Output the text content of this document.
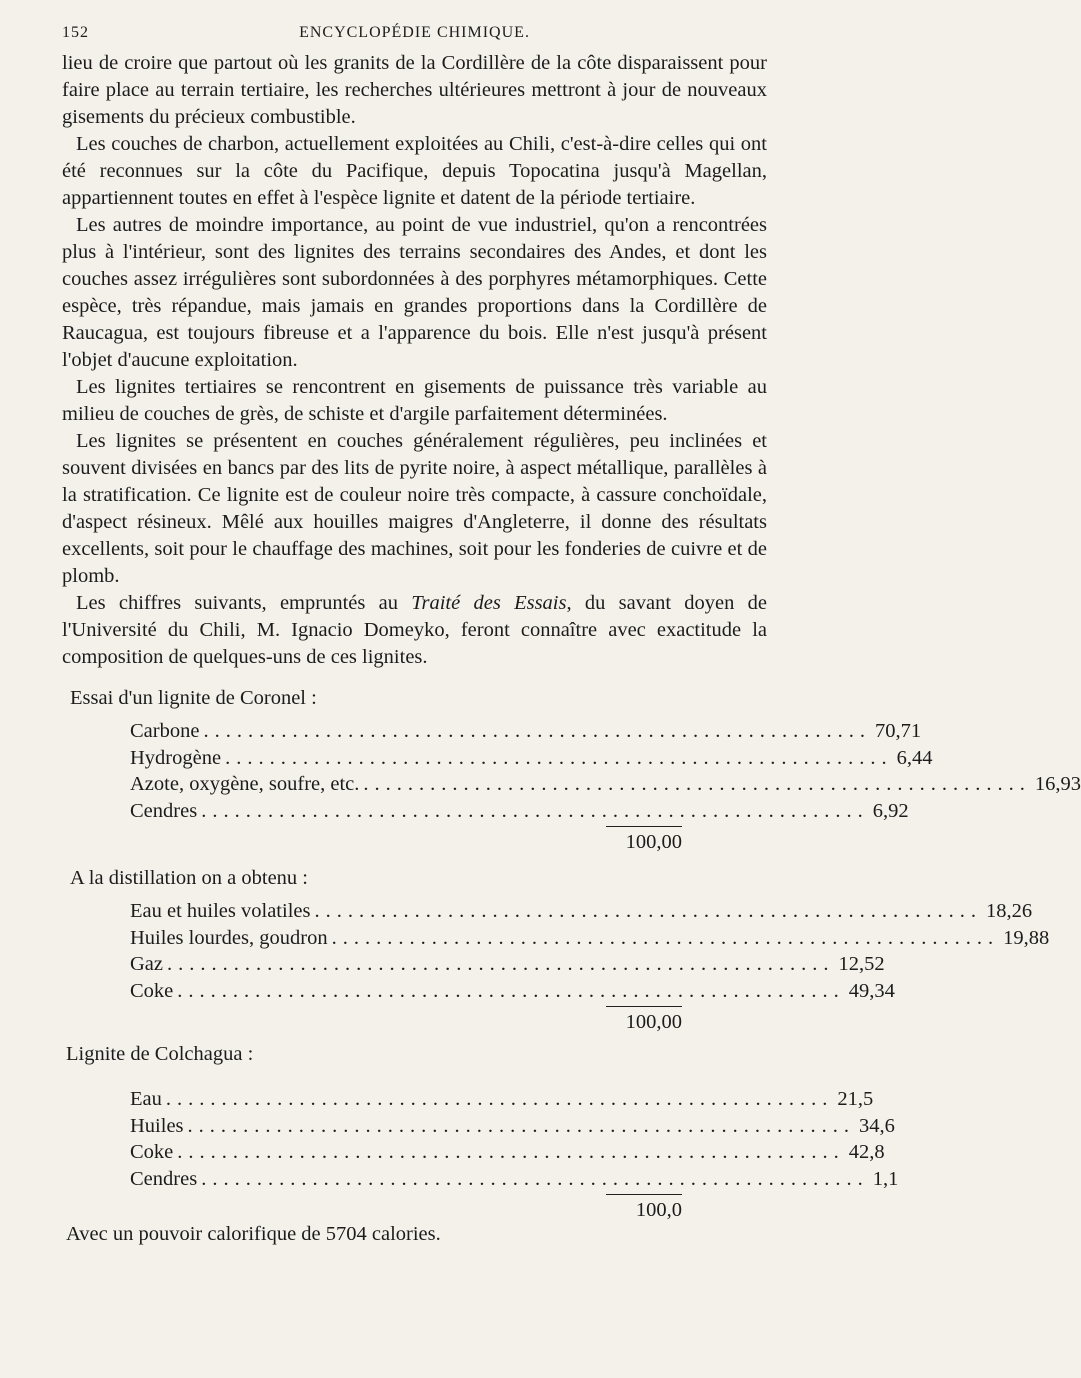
152	ENCYCLOPÉDIE CHIMIQUE.

lieu de croire que partout où les granits de la Cordillère de la côte disparaissent pour faire place au terrain tertiaire, les recherches ultérieures mettront à jour de nouveaux gisements du précieux combustible.

Les couches de charbon, actuellement exploitées au Chili, c'est-à-dire celles qui ont été reconnues sur la côte du Pacifique, depuis Topocatina jusqu'à Magellan, appartiennent toutes en effet à l'espèce lignite et datent de la période tertiaire.

Les autres de moindre importance, au point de vue industriel, qu'on a rencontrées plus à l'intérieur, sont des lignites des terrains secondaires des Andes, et dont les couches assez irrégulières sont subordonnées à des porphyres métamorphiques. Cette espèce, très répandue, mais jamais en grandes proportions dans la Cordillère de Raucagua, est toujours fibreuse et a l'apparence du bois. Elle n'est jusqu'à présent l'objet d'aucune exploitation.

Les lignites tertiaires se rencontrent en gisements de puissance très variable au milieu de couches de grès, de schiste et d'argile parfaitement déterminées.

Les lignites se présentent en couches généralement régulières, peu inclinées et souvent divisées en bancs par des lits de pyrite noire, à aspect métallique, parallèles à la stratification. Ce lignite est de couleur noire très compacte, à cassure conchoïdale, d'aspect résineux. Mêlé aux houilles maigres d'Angleterre, il donne des résultats excellents, soit pour le chauffage des machines, soit pour les fonderies de cuivre et de plomb.

Les chiffres suivants, empruntés au Traité des Essais, du savant doyen de l'Université du Chili, M. Ignacio Domeyko, feront connaître avec exactitude la composition de quelques-uns de ces lignites.

Essai d'un lignite de Coronel :

Carbone ............................................................ 70,71
Hydrogène ............................................................ 6,44
Azote, oxygène, soufre, etc. ............................................................ 16,93
Cendres ............................................................ 6,92
100,00

A la distillation on a obtenu :

Eau et huiles volatiles ............................................................ 18,26
Huiles lourdes, goudron ............................................................ 19,88
Gaz ............................................................ 12,52
Coke ............................................................ 49,34
100,00

Lignite de Colchagua :

Eau ............................................................ 21,5
Huiles ............................................................ 34,6
Coke ............................................................ 42,8
Cendres ............................................................ 1,1
100,0

Avec un pouvoir calorifique de 5704 calories.
